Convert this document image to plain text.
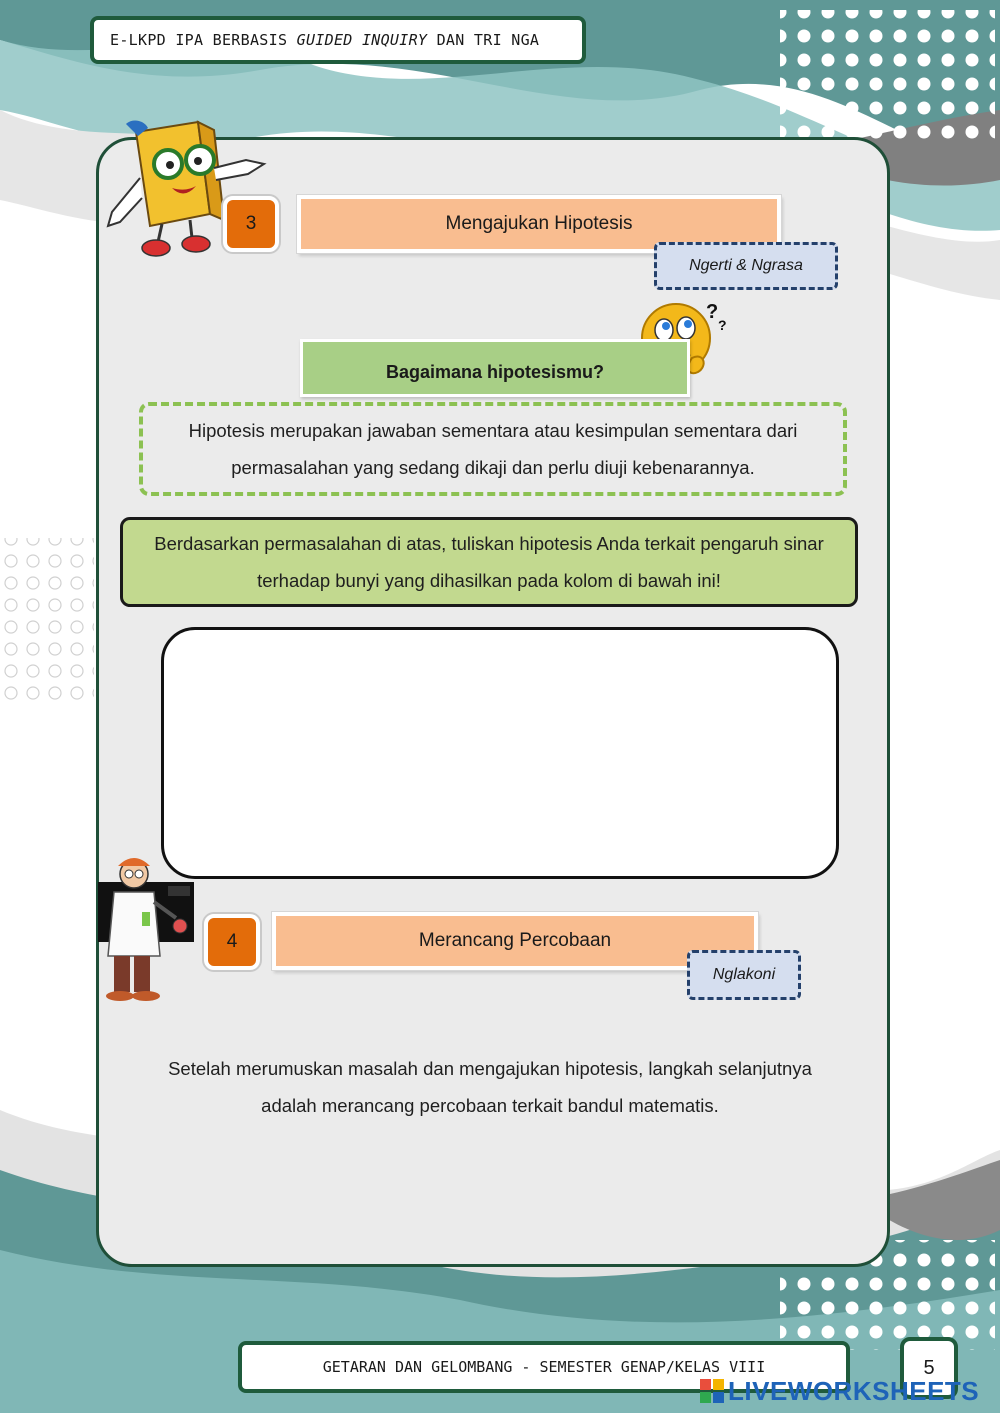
E-LKPD IPA BERBASIS GUIDED INQUIRY DAN TRI NGA
3	Mengajukan Hipotesis
Ngerti & Ngrasa
?
?
Bagaimana hipotesismu?
Hipotesis merupakan jawaban sementara atau kesimpulan sementara dari permasalahan yang sedang dikaji dan perlu diuji kebenarannya.
Berdasarkan permasalahan di atas, tuliskan hipotesis Anda terkait pengaruh sinar terhadap bunyi yang dihasilkan pada kolom di bawah ini!
4	Merancang Percobaan
Nglakoni
Setelah merumuskan masalah dan mengajukan hipotesis, langkah selanjutnya adalah merancang percobaan terkait bandul matematis.
GETARAN DAN GELOMBANG - SEMESTER GENAP/KELAS VIII	5
LIVEWORKSHEETS
